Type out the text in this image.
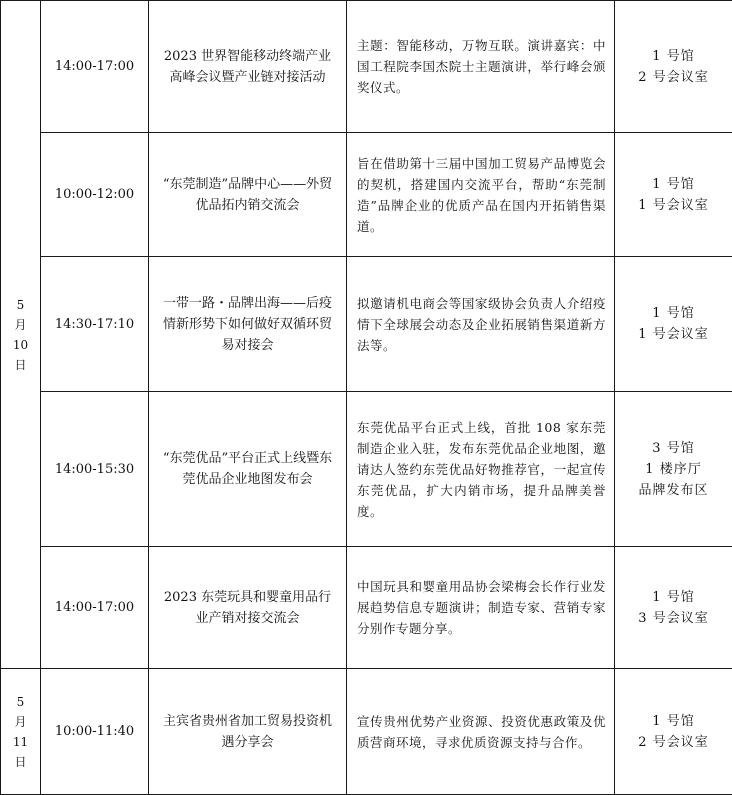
5
月
10
日	14:00-17:00	2023 世界智能移动终端产业高峰会议暨产业链对接活动	主题：智能移动，万物互联。演讲嘉宾：中国工程院李国杰院士主题演讲，举行峰会颁奖仪式。	1 号馆
2 号会议室

	10:00-12:00	“东莞制造”品牌中心——外贸优品拓内销交流会	旨在借助第十三届中国加工贸易产品博览会的契机，搭建国内交流平台，帮助“东莞制造”品牌企业的优质产品在国内开拓销售渠道。	1 号馆
1 号会议室

	14:30-17:10	一带一路・品牌出海——后疫情新形势下如何做好双循环贸易对接会	拟邀请机电商会等国家级协会负责人介绍疫情下全球展会动态及企业拓展销售渠道新方法等。	1 号馆
1 号会议室

	14:00-15:30	“东莞优品”平台正式上线暨东莞优品企业地图发布会	东莞优品平台正式上线，首批 108 家东莞制造企业入驻，发布东莞优品企业地图，邀请达人签约东莞优品好物推荐官，一起宣传东莞优品，扩大内销市场，提升品牌美誉度。	3 号馆
1 楼序厅
品牌发布区

	14:00-17:00	2023 东莞玩具和婴童用品行业产销对接交流会	中国玩具和婴童用品协会梁梅会长作行业发展趋势信息专题演讲；制造专家、营销专家分别作专题分享。	1 号馆
3 号会议室

5
月
11
日	10:00-11:40	主宾省贵州省加工贸易投资机遇分享会	宣传贵州优势产业资源、投资优惠政策及优质营商环境，寻求优质资源支持与合作。	1 号馆
2 号会议室
